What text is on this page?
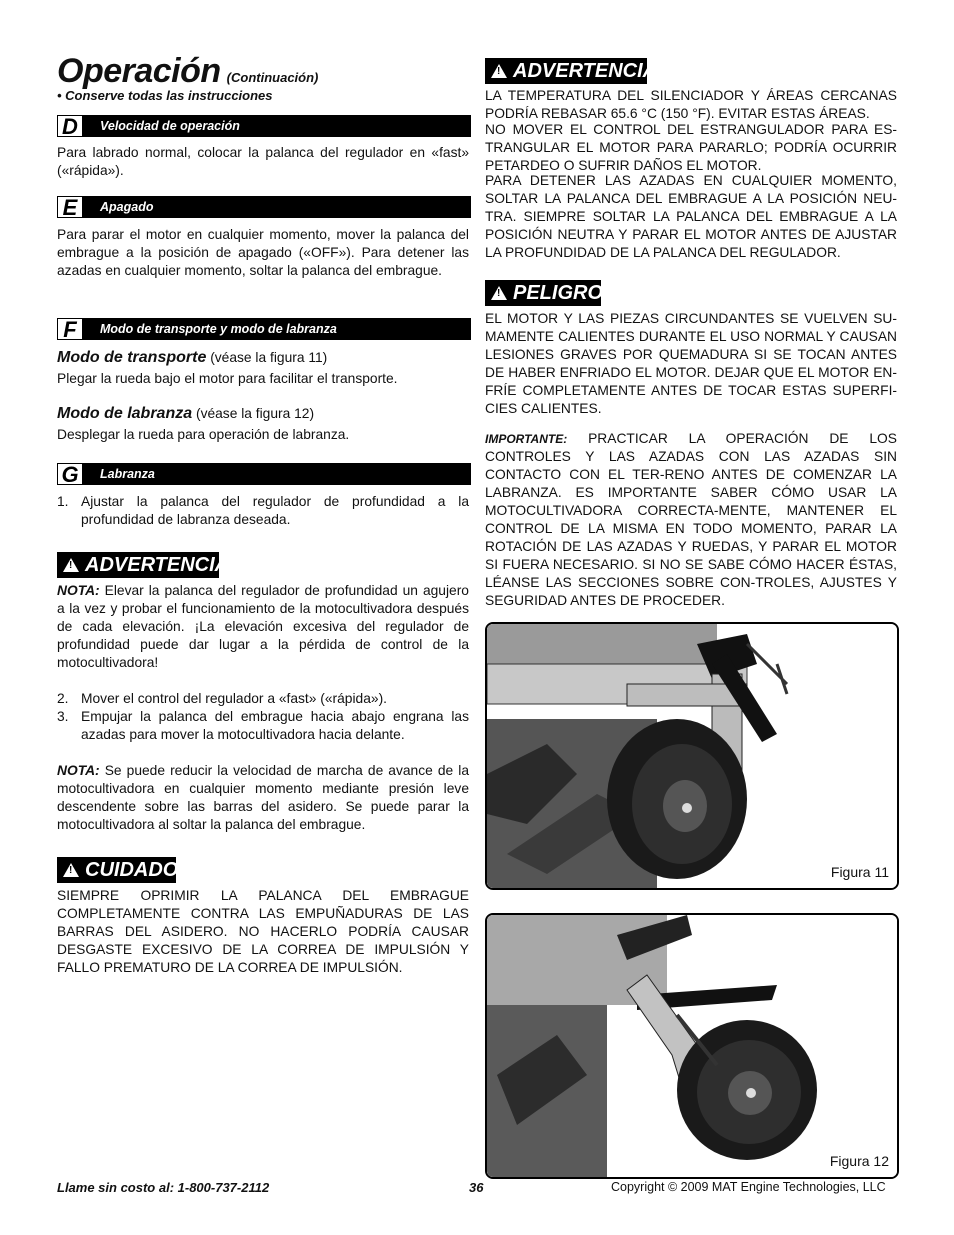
Operación (Continuación)
• Conserve todas las instrucciones
D	Velocidad de operación
Para labrado normal, colocar la palanca del regulador en «fast» («rápida»).
E	Apagado
Para parar el motor en cualquier momento, mover la palanca del embrague a la posición de apagado («OFF»). Para detener las azadas en cualquier momento, soltar la palanca del embrague.
F	Modo de transporte y modo de labranza
Modo de transporte (véase la figura 11)
Plegar la rueda bajo el motor para facilitar el transporte.
Modo de labranza (véase la figura 12)
Desplegar la rueda para operación de labranza.
G	Labranza
1. Ajustar la palanca del regulador de profundidad a la profundidad de labranza deseada.
! ADVERTENCIA
NOTA: Elevar la palanca del regulador de profundidad un agujero a la vez y probar el funcionamiento de la motocultivadora después de cada elevación. ¡La elevación excesiva del regulador de profundidad puede dar lugar a la pérdida de control de la motocultivadora!
2. Mover el control del regulador a «fast» («rápida»).
3. Empujar la palanca del embrague hacia abajo engrana las azadas para mover la motocultivadora hacia delante.
NOTA: Se puede reducir la velocidad de marcha de avance de la motocultivadora en cualquier momento mediante presión leve descendente sobre las barras del asidero. Se puede parar la motocultivadora al soltar la palanca del embrague.
! CUIDADO
SIEMPRE OPRIMIR LA PALANCA DEL EMBRAGUE COMPLETAMENTE CONTRA LAS EMPUÑADURAS DE LAS BARRAS DEL ASIDERO. NO HACERLO PODRÍA CAUSAR DESGASTE EXCESIVO DE LA CORREA DE IMPULSIÓN Y FALLO PREMATURO DE LA CORREA DE IMPULSIÓN.
! ADVERTENCIA
LA TEMPERATURA DEL SILENCIADOR Y ÁREAS CERCANAS PODRÍA REBASAR 65.6 °C (150 °F). EVITAR ESTAS ÁREAS.
NO MOVER EL CONTROL DEL ESTRANGULADOR PARA ES-TRANGULAR EL MOTOR PARA PARARLO; PODRÍA OCURRIR PETARDEO O SUFRIR DAÑOS EL MOTOR.
PARA DETENER LAS AZADAS EN CUALQUIER MOMENTO, SOLTAR LA PALANCA DEL EMBRAGUE A LA POSICIÓN NEU-TRA. SIEMPRE SOLTAR LA PALANCA DEL EMBRAGUE A LA POSICIÓN NEUTRA Y PARAR EL MOTOR ANTES DE AJUSTAR LA PROFUNDIDAD DE LA PALANCA DEL REGULADOR.
! PELIGRO
EL MOTOR Y LAS PIEZAS CIRCUNDANTES SE VUELVEN SU-MAMENTE CALIENTES DURANTE EL USO NORMAL Y CAUSAN LESIONES GRAVES POR QUEMADURA SI SE TOCAN ANTES DE HABER ENFRIADO EL MOTOR. DEJAR QUE EL MOTOR EN-FRÍE COMPLETAMENTE ANTES DE TOCAR ESTAS SUPERFI-CIES CALIENTES.
IMPORTANTE: PRACTICAR LA OPERACIÓN DE LOS CONTROLES Y LAS AZADAS CON LAS AZADAS SIN CONTACTO CON EL TER-RENO ANTES DE COMENZAR LA LABRANZA. ES IMPORTANTE SABER CÓMO USAR LA MOTOCULTIVADORA CORRECTA-MENTE, MANTENER EL CONTROL DE LA MISMA EN TODO MOMENTO, PARAR LA ROTACIÓN DE LAS AZADAS Y RUEDAS, Y PARAR EL MOTOR SI FUERA NECESARIO. SI NO SE SABE CÓMO HACER ÉSTAS, LÉANSE LAS SECCIONES SOBRE CON-TROLES, AJUSTES Y SEGURIDAD ANTES DE PROCEDER.
Figura 11
Figura 12
Llame sin costo al: 1-800-737-2112	36	Copyright © 2009 MAT Engine Technologies, LLC
